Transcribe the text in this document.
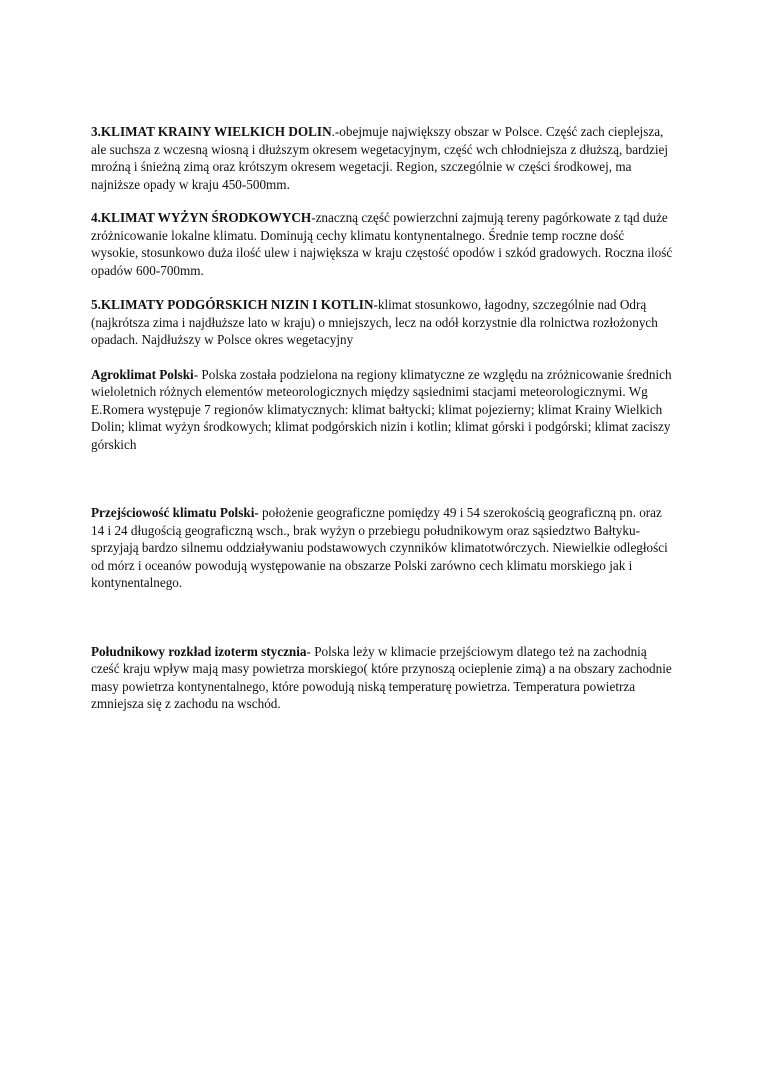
3.KLIMAT KRAINY WIELKICH DOLIN.-obejmuje największy obszar w Polsce. Część zach cieplejsza, ale suchsza z wczesną wiosną i dłuższym okresem wegetacyjnym, część wch chłodniejsza z dłuższą, bardziej mroźną i śnieżną zimą oraz krótszym okresem wegetacji. Region, szczególnie w części środkowej, ma najniższe opady w kraju 450-500mm.

4.KLIMAT WYŻYN ŚRODKOWYCH-znaczną część powierzchni zajmują tereny pagórkowate z tąd duże zróżnicowanie lokalne klimatu. Dominują cechy klimatu kontynentalnego. Średnie temp roczne dość wysokie, stosunkowo duża ilość ulew i największa w kraju częstość opodów i szkód gradowych. Roczna ilość opadów 600-700mm.

5.KLIMATY PODGÓRSKICH NIZIN I KOTLIN-klimat stosunkowo, łagodny, szczególnie nad Odrą (najkrótsza zima i najdłuższe lato w kraju) o mniejszych, lecz na odół korzystnie dla rolnictwa rozłożonych opadach. Najdłuższy w Polsce okres wegetacyjny

Agroklimat Polski- Polska została podzielona na regiony klimatyczne ze względu na zróżnicowanie średnich wieloletnich różnych elementów meteorologicznych między sąsiednimi stacjami meteorologicznymi. Wg E.Romera występuje 7 regionów klimatycznych: klimat bałtycki; klimat pojezierny; klimat Krainy Wielkich Dolin; klimat wyżyn środkowych; klimat podgórskich nizin i kotlin; klimat górski i podgórski; klimat zaciszy górskich

Przejściowość klimatu Polski- położenie geograficzne pomiędzy 49 i 54 szerokością geograficzną pn. oraz 14 i 24 długością geograficzną wsch., brak wyżyn o przebiegu południkowym oraz sąsiedztwo Bałtyku- sprzyjają bardzo silnemu oddziaływaniu podstawowych czynników klimatotwórczych. Niewielkie odległości od mórz i oceanów powodują występowanie na obszarze Polski zarówno cech klimatu morskiego jak i kontynentalnego.

Południkowy rozkład izoterm stycznia- Polska leży w klimacie przejściowym dlatego też na zachodnią cześć kraju wpływ mają masy powietrza morskiego( które przynoszą ocieplenie zimą) a na obszary zachodnie masy powietrza kontynentalnego, które powodują niską temperaturę powietrza. Temperatura powietrza zmniejsza się z zachodu na wschód.
